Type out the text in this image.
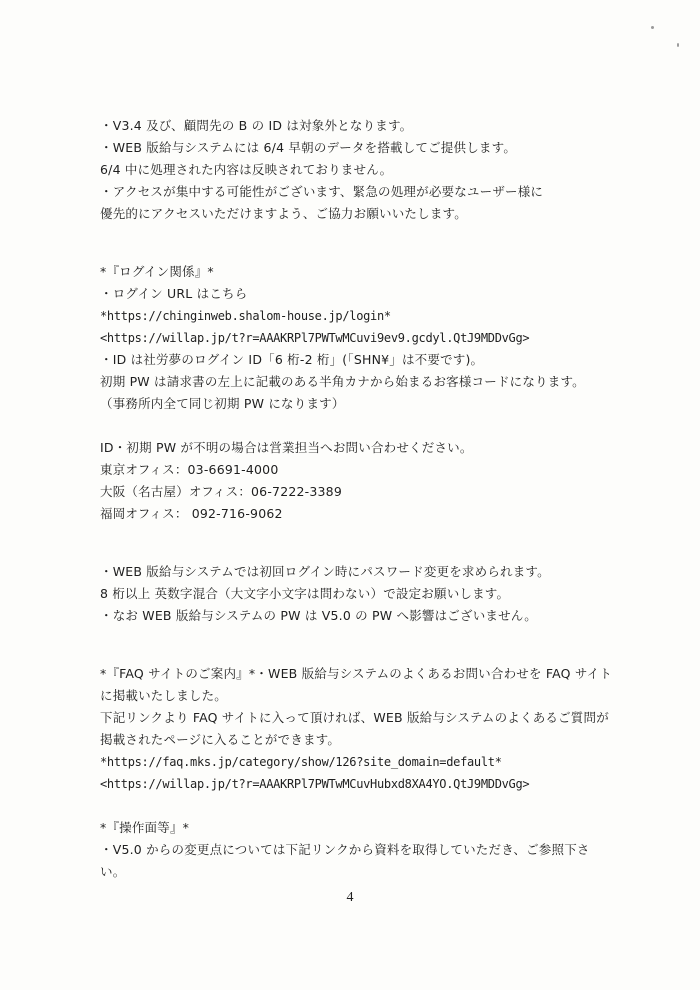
・V3.4 及び、顧問先の B の ID は対象外となります。
・WEB 版給与システムには 6/4 早朝のデータを搭載してご提供します。
6/4 中に処理された内容は反映されておりません。
・アクセスが集中する可能性がございます、緊急の処理が必要なユーザー様に
優先的にアクセスいただけますよう、ご協力お願いいたします。
*『ログイン関係』*
・ログイン URL はこちら
*https://chinginweb.shalom-house.jp/login*
<https://willap.jp/t?r=AAAKRPl7PWTwMCuvi9ev9.gcdyl.QtJ9MDDvGg>
・ID は社労夢のログイン ID「6 桁-2 桁」(「SHN¥」は不要です)。
初期 PW は請求書の左上に記載のある半角カナから始まるお客様コードになります。
（事務所内全て同じ初期 PW になります）
ID・初期 PW が不明の場合は営業担当へお問い合わせください。
東京オフィス：03-6691-4000
大阪（名古屋）オフィス：06-7222-3389
福岡オフィス： 092-716-9062
・WEB 版給与システムでは初回ログイン時にパスワード変更を求められます。
8 桁以上 英数字混合（大文字小文字は問わない）で設定お願いします。
・なお WEB 版給与システムの PW は V5.0 の PW へ影響はございません。
*『FAQ サイトのご案内』*・WEB 版給与システムのよくあるお問い合わせを FAQ サイト
に掲載いたしました。
下記リンクより FAQ サイトに入って頂ければ、WEB 版給与システムのよくあるご質問が
掲載されたページに入ることができます。
*https://faq.mks.jp/category/show/126?site_domain=default*
<https://willap.jp/t?r=AAAKRPl7PWTwMCuvHubxd8XA4YO.QtJ9MDDvGg>
*『操作面等』*
・V5.0 からの変更点については下記リンクから資料を取得していただき、ご参照下さ
い。
4
